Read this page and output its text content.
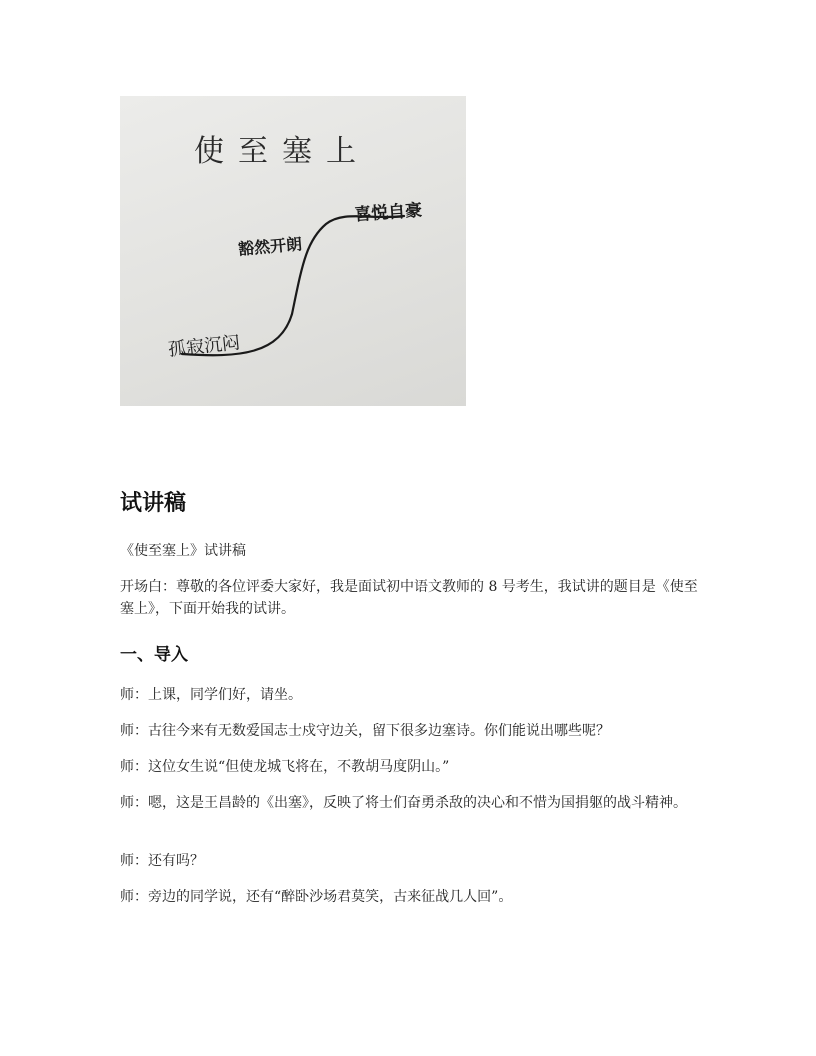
使至塞上
喜悦自豪
豁然开朗
孤寂沉闷
试讲稿

《使至塞上》试讲稿

开场白：尊敬的各位评委大家好，我是面试初中语文教师的 8 号考生，我试讲的题目是《使至塞上》，下面开始我的试讲。

一、导入

师：上课，同学们好，请坐。

师：古往今来有无数爱国志士戍守边关，留下很多边塞诗。你们能说出哪些呢？

师：这位女生说“但使龙城飞将在，不教胡马度阴山。”

师：嗯，这是王昌龄的《出塞》，反映了将士们奋勇杀敌的决心和不惜为国捐躯的战斗精神。

师：还有吗？

师：旁边的同学说，还有“醉卧沙场君莫笑，古来征战几人回”。
